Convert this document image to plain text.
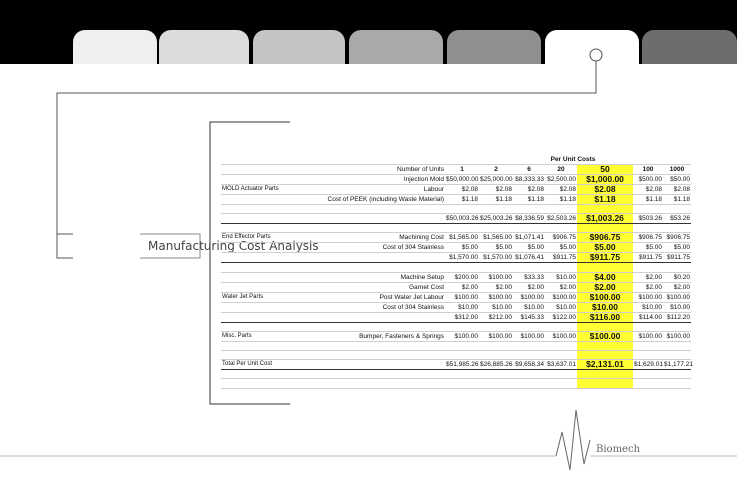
Manufacturing Cost Analysis
Biomech
				Per Unit Costs				
	Number of Units	1	2	6	20	50	100	1000
	Injection Mold	$50,000.00	$25,000.00	$8,333.33	$2,500.00	$1,000.00	$500.00	$50.00
MOLD Actuator Parts	Labour	$2.08	$2.08	$2.08	$2.08	$2.08	$2.08	$2.08
	Cost of PEEK (including Waste Material)	$1.18	$1.18	$1.18	$1.18	$1.18	$1.18	$1.18

		$50,003.26	$25,003.26	$8,336.59	$2,503.26	$1,003.26	$503.26	$53.26

End Effector Parts	Machining Cost	$1,565.00	$1,565.00	$1,071.41	$906.75	$906.75	$906.75	$906.75
	Cost of 304 Stainless	$5.00	$5.00	$5.00	$5.00	$5.00	$5.00	$5.00
		$1,570.00	$1,570.00	$1,076.41	$911.75	$911.75	$911.75	$911.75

	Machine Setup	$200.00	$100.00	$33.33	$10.00	$4.00	$2.00	$0.20
	Garnet Cost	$2.00	$2.00	$2.00	$2.00	$2.00	$2.00	$2.00
Water Jet Parts	Post Water Jet Labour	$100.00	$100.00	$100.00	$100.00	$100.00	$100.00	$100.00
	Cost of 304 Stainless	$10.00	$10.00	$10.00	$10.00	$10.00	$10.00	$10.00
		$312.00	$212.00	$145.33	$122.00	$116.00	$114.00	$112.20

Misc. Parts	Bumper, Fasteners & Springs	$100.00	$100.00	$100.00	$100.00	$100.00	$100.00	$100.00

Total Per Unit Cost		$51,985.26	$26,885.26	$9,658.34	$3,637.01	$2,131.01	$1,629.01	$1,177.21
